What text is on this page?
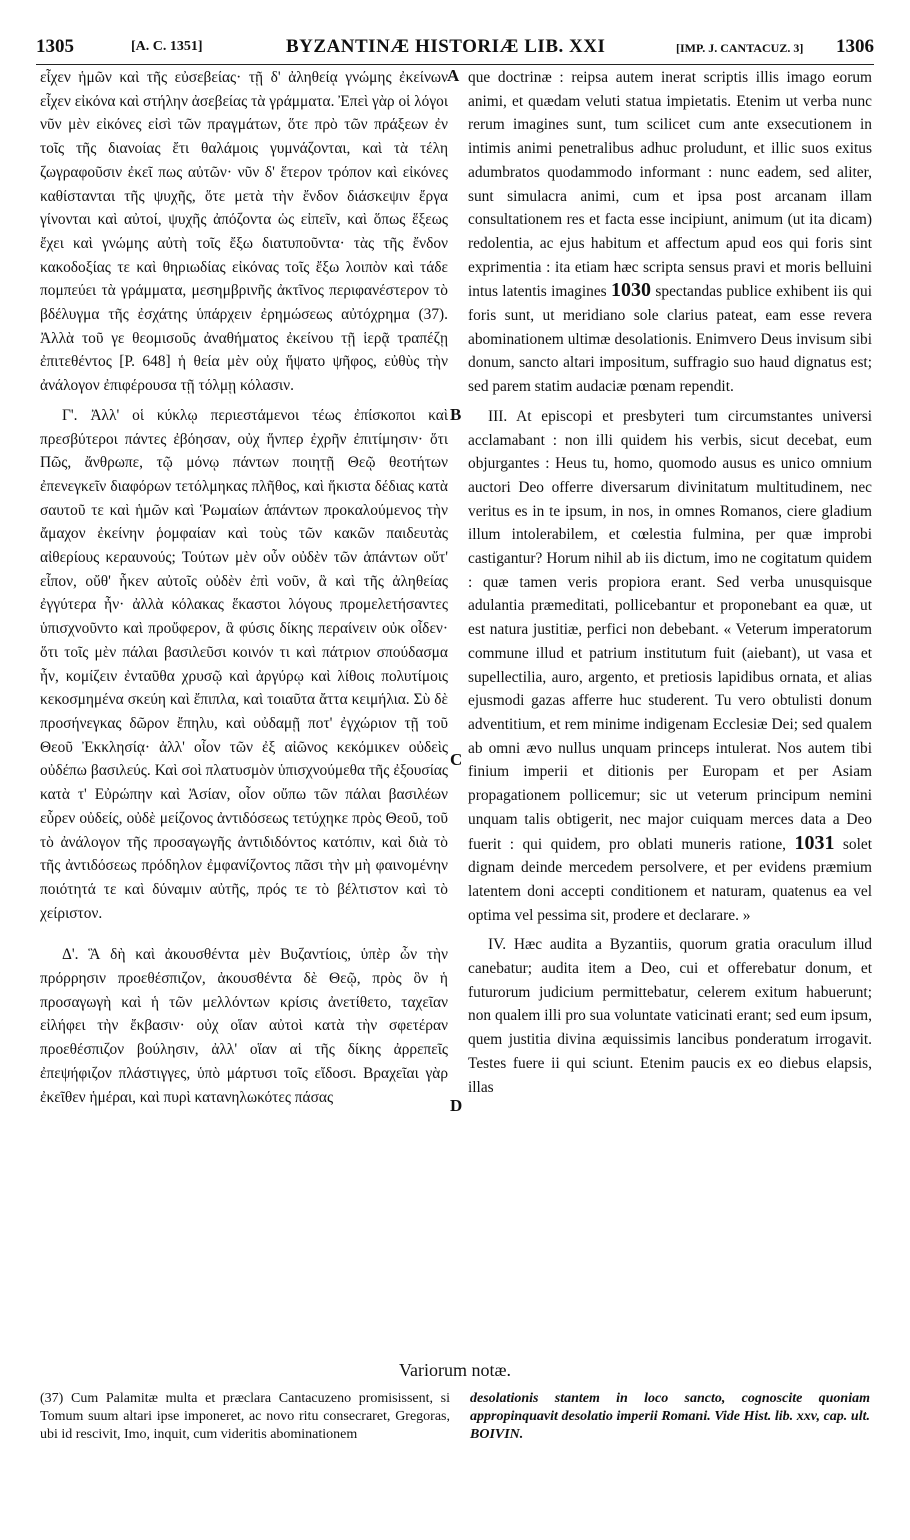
1305	[A. C. 1351]	BYZANTINÆ HISTORIÆ LIB. XXI	[IMP. J. CANTACUZ. 3] 1306

εἶχεν ἡμῶν καὶ τῆς εὐσεβείας· τῇ δ' ἀληθείᾳ γνώμης ἐκείνων εἶχεν εἰκόνα καὶ στήλην ἀσεβείας τὰ γράμματα. Ἐπεὶ γὰρ οἱ λόγοι νῦν μὲν εἰκόνες εἰσὶ τῶν πραγμάτων, ὅτε πρὸ τῶν πράξεων ἐν τοῖς τῆς διανοίας ἔτι θαλάμοις γυμνάζονται, καὶ τὰ τέλη ζωγραφοῦσιν ἐκεῖ πως αὐτῶν· νῦν δ' ἕτερον τρόπον καὶ εἰκόνες καθίστανται τῆς ψυχῆς, ὅτε μετὰ τὴν ἔνδον διάσκεψιν ἔργα γίνονται καὶ αὐτοί, ψυχῆς ἀπόζοντα ὡς εἰπεῖν, καὶ ὅπως ἕξεως ἔχει καὶ γνώμης αὐτὴ τοῖς ἔξω διατυποῦντα· τὰς τῆς ἔνδον κακοδοξίας τε καὶ θηριωδίας εἰκόνας τοῖς ἔξω λοιπὸν καὶ τάδε πομπεύει τὰ γράμματα, μεσημβρινῆς ἀκτῖνος περιφανέστερον τὸ βδέλυγμα τῆς ἐσχάτης ὑπάρχειν ἐρημώσεως αὐτόχρημα (37). Ἀλλὰ τοῦ γε θεομισοῦς ἀναθήματος ἐκείνου τῇ ἱερᾷ τραπέζῃ ἐπιτεθέντος [P. 648] ἡ θεία μὲν οὐχ ἥψατο ψῆφος, εὐθὺς τὴν ἀνάλογον ἐπιφέρουσα τῇ τόλμῃ κόλασιν.

Γ'. Ἀλλ' οἱ κύκλῳ περιεστάμενοι τέως ἐπίσκοποι καὶ πρεσβύτεροι πάντες ἐβόησαν, οὐχ ἥνπερ ἐχρῆν ἐπιτίμησιν· ὅτι Πῶς, ἄνθρωπε, τῷ μόνῳ πάντων ποιητῇ Θεῷ θεοτήτων ἐπενεγκεῖν διαφόρων τετόλμηκας πλῆθος, καὶ ἥκιστα δέδιας κατὰ σαυτοῦ τε καὶ ἡμῶν καὶ Ῥωμαίων ἁπάντων προκαλούμενος τὴν ἄμαχον ἐκείνην ῥομφαίαν καὶ τοὺς τῶν κακῶν παιδευτὰς αἰθερίους κεραυνούς; Τούτων μὲν οὖν οὐδὲν τῶν ἁπάντων οὔτ' εἶπον, οὔθ' ἧκεν αὐτοῖς οὐδὲν ἐπὶ νοῦν, ἃ καὶ τῆς ἀληθείας ἐγγύτερα ἦν· ἀλλὰ κόλακας ἕκαστοι λόγους προμελετήσαντες ὑπισχνοῦντο καὶ προὔφερον, ἃ φύσις δίκης περαίνειν οὐκ οἶδεν· ὅτι τοῖς μὲν πάλαι βασιλεῦσι κοινόν τι καὶ πάτριον σπούδασμα ἦν, κομίζειν ἐνταῦθα χρυσῷ καὶ ἀργύρῳ καὶ λίθοις πολυτίμοις κεκοσμημένα σκεύη καὶ ἔπιπλα, καὶ τοιαῦτα ἄττα κειμήλια. Σὺ δὲ προσήνεγκας δῶρον ἔπηλυ, καὶ οὐδαμῇ ποτ' ἐγχώριον τῇ τοῦ Θεοῦ Ἐκκλησίᾳ· ἀλλ' οἷον τῶν ἐξ αἰῶνος κεκόμικεν οὐδεὶς οὐδέπω βασιλεύς. Καὶ σοὶ πλατυσμὸν ὑπισχνούμεθα τῆς ἐξουσίας κατὰ τ' Εὐρώπην καὶ Ἀσίαν, οἷον οὔπω τῶν πάλαι βασιλέων εὗρεν οὐδείς, οὐδὲ μείζονος ἀντιδόσεως τετύχηκε πρὸς Θεοῦ, τοῦ τὸ ἀνάλογον τῆς προσαγωγῆς ἀντιδιδόντος κατόπιν, καὶ διὰ τὸ τῆς ἀντιδόσεως πρόδηλον ἐμφανίζοντος πᾶσι τὴν μὴ φαινομένην ποιότητά τε καὶ δύναμιν αὐτῆς, πρός τε τὸ βέλτιστον καὶ τὸ χείριστον.

Δ'. Ἃ δὴ καὶ ἀκουσθέντα μὲν Βυζαντίοις, ὑπὲρ ὧν τὴν πρόρρησιν προεθέσπιζον, ἀκουσθέντα δὲ Θεῷ, πρὸς ὃν ἡ προσαγωγὴ καὶ ἡ τῶν μελλόντων κρίσις ἀνετίθετο, ταχεῖαν εἰλήφει τὴν ἔκβασιν· οὐχ οἵαν αὐτοὶ κατὰ τὴν σφετέραν προεθέσπιζον βούλησιν, ἀλλ' οἵαν αἱ τῆς δίκης ἀρρεπεῖς ἐπεψήφιζον πλάστιγγες, ὑπὸ μάρτυσι τοῖς εἴδοσι. Βραχεῖαι γὰρ ἐκεῖθεν ἡμέραι, καὶ πυρὶ κατανηλωκότες πάσας

A
B
C
D

que doctrinæ : reipsa autem inerat scriptis illis imago eorum animi, et quædam veluti statua impietatis. Etenim ut verba nunc rerum imagines sunt, tum scilicet cum ante exsecutionem in intimis animi penetralibus adhuc proludunt, et illic suos exitus adumbratos quodammodo informant : nunc eadem, sed aliter, sunt simulacra animi, cum et ipsa post arcanam illam consultationem res et facta esse incipiunt, animum (ut ita dicam) redolentia, ac ejus habitum et affectum apud eos qui foris sint exprimentia : ita etiam hæc scripta sensus pravi et moris belluini intus latentis imagines 1030 spectandas publice exhibent iis qui foris sunt, ut meridiano sole clarius pateat, eam esse revera abominationem ultimæ desolationis. Enimvero Deus invisum sibi donum, sancto altari impositum, suffragio suo haud dignatus est; sed parem statim audaciæ pœnam rependit.

III. At episcopi et presbyteri tum circumstantes universi acclamabant : non illi quidem his verbis, sicut decebat, eum objurgantes : Heus tu, homo, quomodo ausus es unico omnium auctori Deo offerre diversarum divinitatum multitudinem, nec veritus es in te ipsum, in nos, in omnes Romanos, ciere gladium illum intolerabilem, et cœlestia fulmina, per quæ improbi castigantur? Horum nihil ab iis dictum, imo ne cogitatum quidem : quæ tamen veris propiora erant. Sed verba unusquisque adulantia præmeditati, pollicebantur et proponebant ea quæ, ut est natura justitiæ, perfici non debebant. « Veterum imperatorum commune illud et patrium institutum fuit (aiebant), ut vasa et supellectilia, auro, argento, et pretiosis lapidibus ornata, et alias ejusmodi gazas afferre huc studerent. Tu vero obtulisti donum adventitium, et rem minime indigenam Ecclesiæ Dei; sed qualem ab omni ævo nullus unquam princeps intulerat. Nos autem tibi finium imperii et ditionis per Europam et per Asiam propagationem pollicemur; sic ut veterum principum nemini unquam talis obtigerit, nec major cuiquam merces data a Deo fuerit : qui quidem, pro oblati muneris ratione, 1031 solet dignam deinde mercedem persolvere, et per evidens præmium latentem doni accepti conditionem et naturam, quatenus ea vel optima vel pessima sit, prodere et declarare. »

IV. Hæc audita a Byzantiis, quorum gratia oraculum illud canebatur; audita item a Deo, cui et offerebatur donum, et futurorum judicium permittebatur, celerem exitum habuerunt; non qualem illi pro sua voluntate vaticinati erant; sed eum ipsum, quem justitia divina æquissimis lancibus ponderatum irrogavit. Testes fuere ii qui sciunt. Etenim paucis ex eo diebus elapsis, illas

Variorum notæ.
(37) Cum Palamitæ multa et præclara Cantacuzeno promisissent, si Tomum suum altari ipse imponeret, ac novo ritu consecraret, Gregoras, ubi id rescivit, Imo, inquit, cum videritis abominationem
desolationis stantem in loco sancto, cognoscite quoniam appropinquavit desolatio imperii Romani. Vide Hist. lib. xxv, cap. ult. BOIVIN.
